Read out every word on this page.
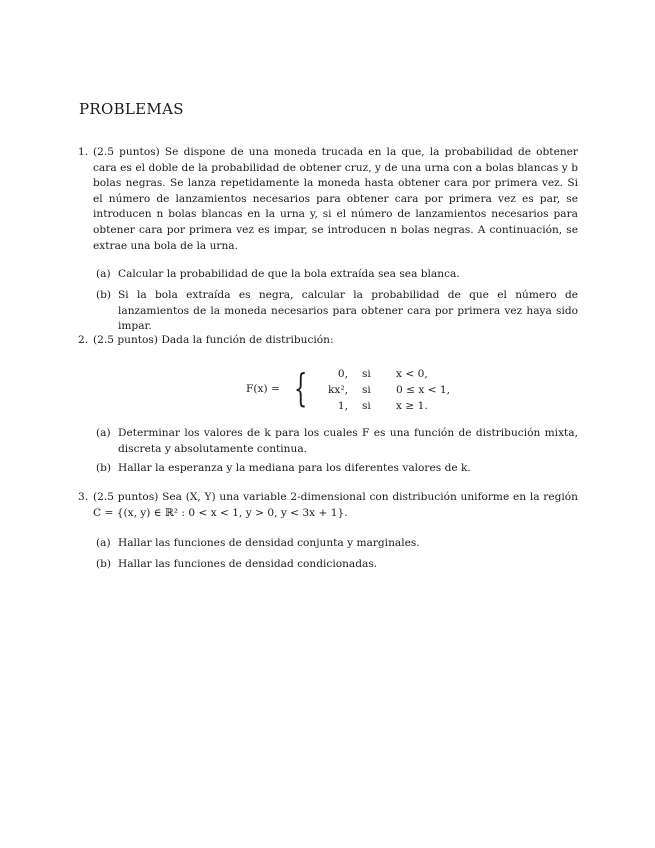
PROBLEMAS
1. (2.5 puntos) Se dispone de una moneda trucada en la que, la probabilidad de obtener cara es el doble de la probabilidad de obtener cruz, y de una urna con a bolas blancas y b bolas negras. Se lanza repetidamente la moneda hasta obtener cara por primera vez. Si el número de lanzamientos necesarios para obtener cara por primera vez es par, se introducen n bolas blancas en la urna y, si el número de lanzamientos necesarios para obtener cara por primera vez es impar, se introducen n bolas negras. A continuación, se extrae una bola de la urna.
(a) Calcular la probabilidad de que la bola extraída sea sea blanca.
(b) Si la bola extraída es negra, calcular la probabilidad de que el número de lanzamientos de la moneda necesarios para obtener cara por primera vez haya sido impar.
2. (2.5 puntos) Dada la función de distribución:
F(x) = {	0, si x < 0,
kx², si 0 ≤ x < 1,
1, si x ≥ 1.
(a) Determinar los valores de k para los cuales F es una función de distribución mixta, discreta y absolutamente continua.
(b) Hallar la esperanza y la mediana para los diferentes valores de k.
3. (2.5 puntos) Sea (X, Y) una variable 2-dimensional con distribución uniforme en la región C = {(x, y) ∈ ℝ² : 0 < x < 1, y > 0, y < 3x + 1}.
(a) Hallar las funciones de densidad conjunta y marginales.
(b) Hallar las funciones de densidad condicionadas.
